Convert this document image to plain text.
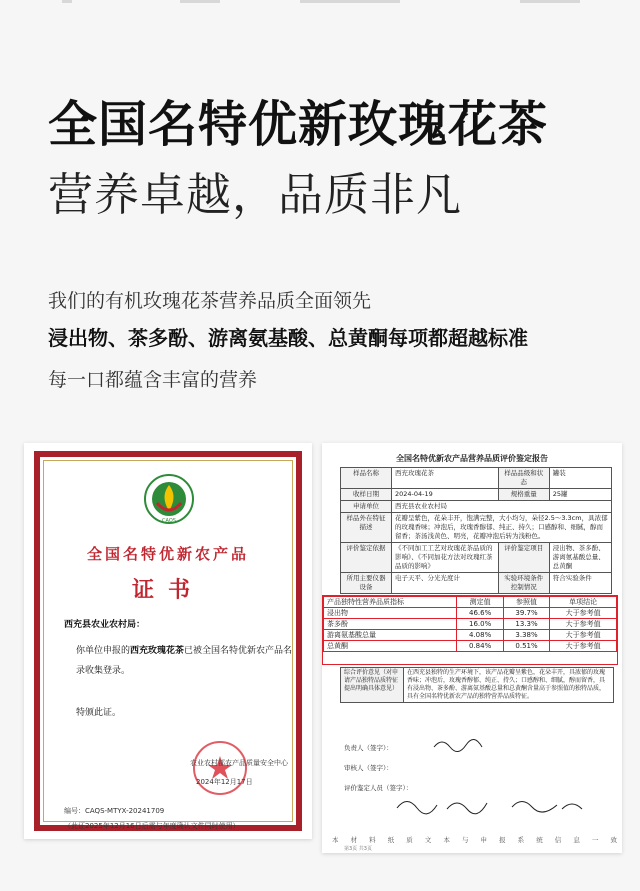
全国名特优新玫瑰花茶
营养卓越，品质非凡
我们的有机玫瑰花茶营养品质全面领先
浸出物、茶多酚、游离氨基酸、总黄酮每项都超越标准
每一口都蕴含丰富的营养
CAQS
全国名特优新农产品
证书
西充县农业农村局：
你单位申报的西充玫瑰花茶已被全国名特优新农产品名录收集登录。
特颁此证。
农业农村部农产品质量安全中心
2024年12月17日
编号：CAQS-MTYX-20241709
（此证2025年12月16日后需与年度确认文件同时使用）
全国名特优新农产品营养品质评价鉴定报告
样品名称	西充玫瑰花茶	样品品级和状态	罐装
收样日期	2024-04-19	规格重量	25罐
申请单位	西充县农业农村局		
样品外在特征描述	花瓣呈紫色，花朵丰开，饱满完整，大小均匀，朵径2.5～3.3cm，具浓郁的玫瑰香味；冲泡后，玫瑰香醇郁、纯正、持久；口感醇和、细腻，醇而留香；茶汤浅黄色、明亮，花瓣冲泡后转为浅粉色。		
评价鉴定依据	《不同加工工艺对玫瑰花茶品质的影响》、《不同加花方法对玫瑰红茶品质的影响》	评价鉴定项目	浸出物、茶多酚、游离氨基酸总量、总黄酮
所用主要仪器设备	电子天平、分光光度计	实验环境条件控制情况	符合实验条件
产品独特性营养品质指标	测定值	参照值	单项结论
浸出物	46.6%	39.7%	大于参考值
茶多酚	16.0%	13.3%	大于参考值
游离氨基酸总量	4.08%	3.38%	大于参考值
总黄酮	0.84%	0.51%	大于参考值
综合评价意见（对申请产品独特品质特征提出明确具体意见）
在西充县独特的生产环境下，该产品花瓣呈紫色，花朵丰开，具浓郁的玫瑰香味；冲泡后，玫瑰香醇郁、纯正、持久；口感醇和、细腻，醇而留香，具有浸出物、茶多酚、游离氨基酸总量和总黄酮含量高于参照值的独特品质，具有全国名特优新农产品的独特营养品质特征。
负责人（签字）：
审核人（签字）：
评价鉴定人员（签字）：
本 材 料 纸 质 文 本 与 申 报 系 统 信 息 一 致
第3页 共3页
